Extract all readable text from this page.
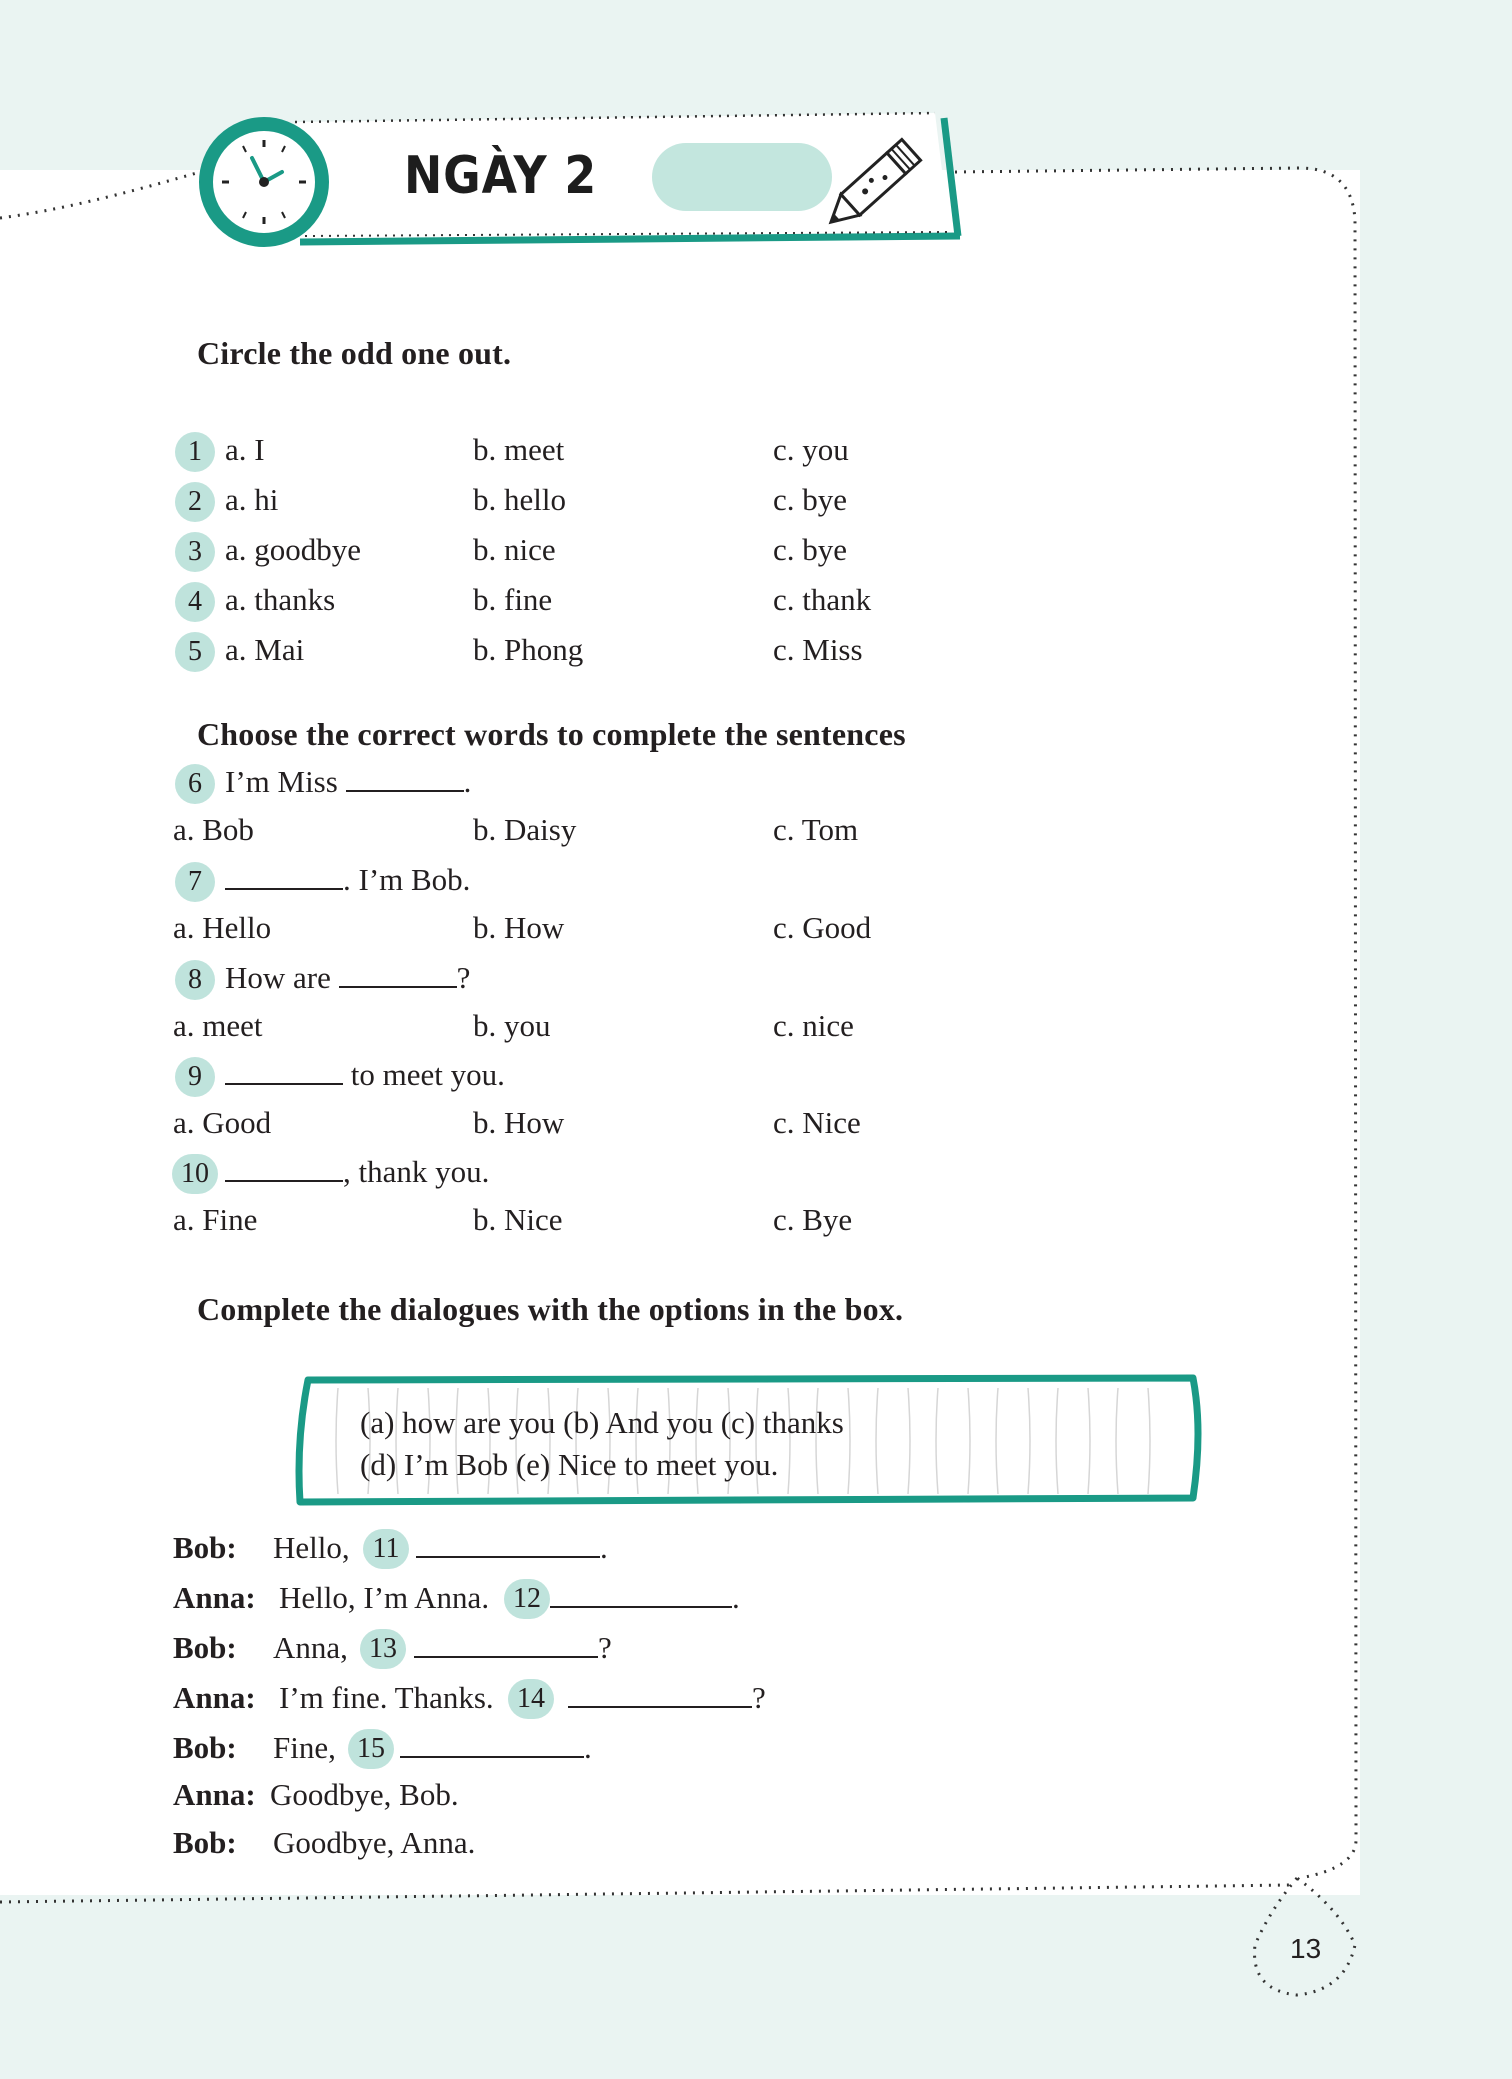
NGÀY 2
Circle the odd one out.
1 a. I	b. meet	c. you
2 a. hi	b. hello	c. bye
3 a. goodbye	b. nice	c. bye
4 a. thanks	b. fine	c. thank
5 a. Mai	b. Phong	c. Miss
Choose the correct words to complete the sentences
6 I’m Miss	.
a. Bob	b. Daisy	c. Tom
7	. I’m Bob.
a. Hello	b. How	c. Good
8 How are	?
a. meet	b. you	c. nice
9	to meet you.
a. Good	b. How	c. Nice
10	, thank you.
a. Fine	b. Nice	c. Bye
Complete the dialogues with the options in the box.
(a) how are you (b) And you (c) thanks
(d) I’m Bob (e) Nice to meet you.
Bob: Hello, 11	.
Anna: Hello, I’m Anna. 12	.
Bob: Anna, 13	?
Anna: I’m fine. Thanks. 14	?
Bob: Fine, 15	.
Anna: Goodbye, Bob.
Bob: Goodbye, Anna.
13
